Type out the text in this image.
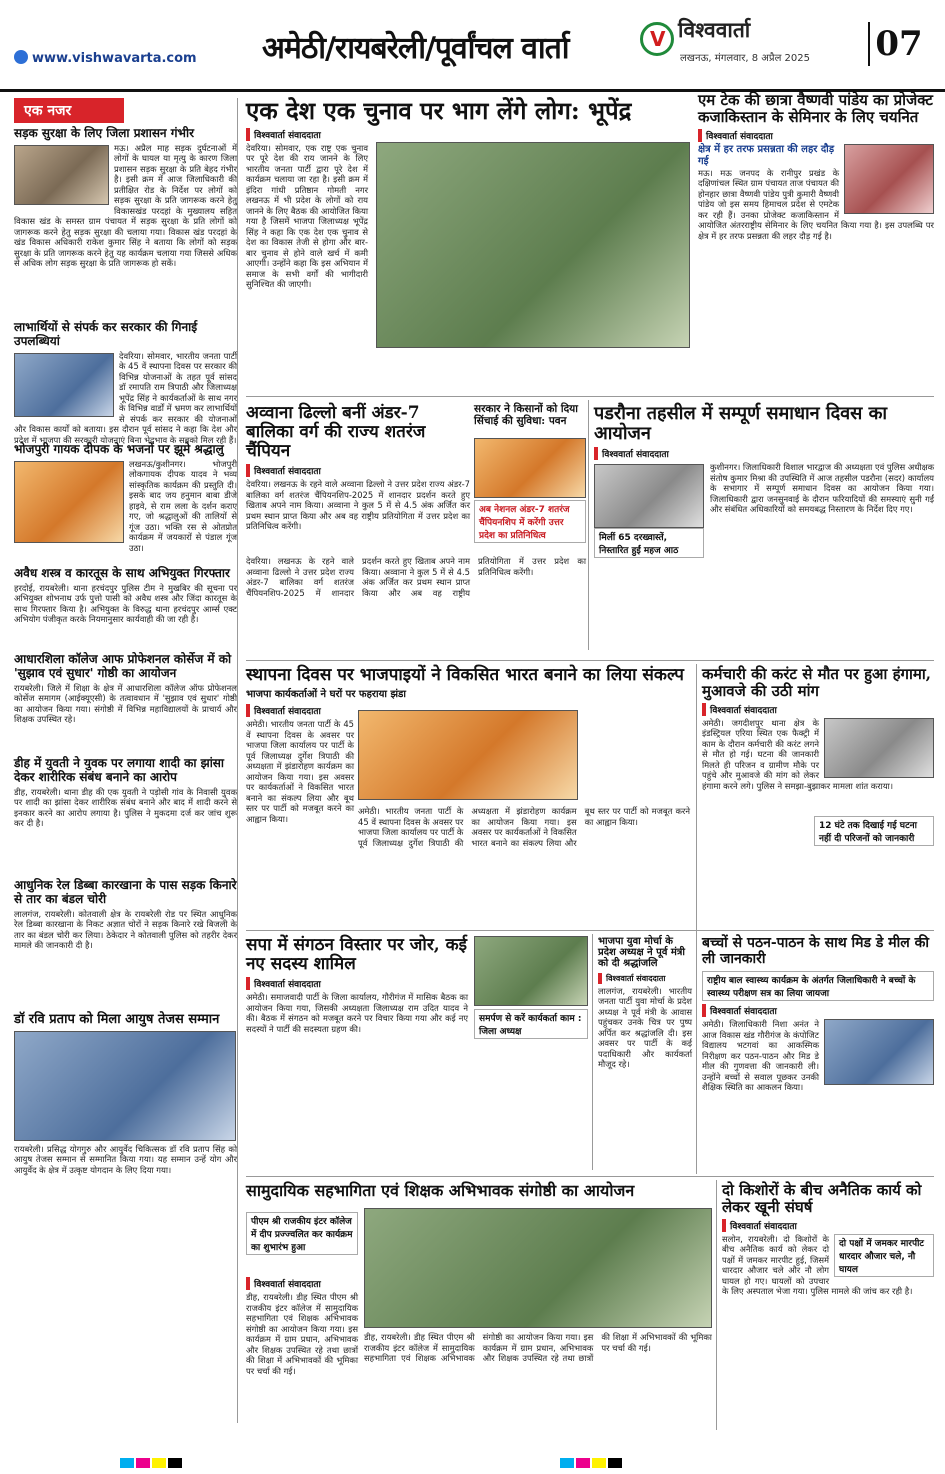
www.vishwavarta.com अमेठी/रायबरेली/पूर्वांचल वार्ता
V
विश्ववार्ता
लखनऊ, मंगलवार, 8 अप्रैल 2025 07
एक नजर
सड़क सुरक्षा के लिए जिला प्रशासन गंभीर
मऊ। अप्रैल माह सड़क दुर्घटनाओं में लोगों के घायल या मृत्यु के कारण जिला प्रशासन सड़क सुरक्षा के प्रति बेहद गंभीर है। इसी क्रम में आज जिलाधिकारी की प्रतीक्षित रोड के निर्देश पर लोगों को सड़क सुरक्षा के प्रति जागरूक करने हेतु विकासखंड परदहां के मुख्यालय सहित विकास खंड के समस्त ग्राम पंचायत में सड़क सुरक्षा के प्रति लोगों को जागरूक करने हेतु सड़क सुरक्षा की चलाया गया। विकास खंड परदहां के खंड विकास अधिकारी राकेश कुमार सिंह ने बताया कि लोगों को सड़क सुरक्षा के प्रति जागरूक करने हेतु यह कार्यक्रम चलाया गया जिससे अधिक से अधिक लोग सड़क सुरक्षा के प्रति जागरूक हो सकें।
लाभार्थियों से संपर्क कर सरकार की गिनाई उपलब्धियां
देवरिया। सोमवार, भारतीय जनता पार्टी के 45 वें स्थापना दिवस पर सरकार की विभिन्न योजनाओं के तहत पूर्व सांसद डॉ रमापति राम त्रिपाठी और जिलाध्यक्ष भूपेंद्र सिंह ने कार्यकर्ताओं के साथ नगर के विभिन्न वार्डों में भ्रमण कर लाभार्थियों से संपर्क कर सरकार की योजनाओं और विकास कार्यों को बताया। इस दौरान पूर्व सांसद ने कहा कि देश और प्रदेश में भाजपा की सरकारी योजनाएं बिना भेदभाव के सबको मिल रही हैं।
भोजपुरी गायक दीपक के भजनों पर झूमे श्रद्धालु
लखनऊ/कुशीनगर। भोजपुरी लोकगायक दीपक यादव ने भव्य सांस्कृतिक कार्यक्रम की प्रस्तुति दी। इसके बाद जय हनुमान बाबा डीजे हाइवे, से राम लला के दर्शन कराए गए, जो श्रद्धालुओं की तालियों से गूंज उठा। भक्ति रस से ओतप्रोत कार्यक्रम में जयकारों से पंडाल गूंज उठा।
अवैध शस्त्र व कारतूस के साथ अभियुक्त गिरफ्तार
हरदोई, रायबरेली। थाना हरचंदपुर पुलिस टीम ने मुखबिर की सूचना पर अभियुक्त शोभनाथ उर्फ पुत्तो पासी को अवैध शस्त्र और जिंदा कारतूस के साथ गिरफ्तार किया है। अभियुक्त के विरुद्ध थाना हरचंदपुर आर्म्स एक्ट अभियोग पंजीकृत करके नियमानुसार कार्यवाही की जा रही है।
आधारशिला कॉलेज आफ प्रोफेशनल कोर्सेज में को 'सुझाव एवं सुधार' गोष्ठी का आयोजन
रायबरेली। जिले में शिक्षा के क्षेत्र में आधारशिला कॉलेज ऑफ प्रोफेशनल कोर्सेज समागम (आईक्यूएसी) के तत्वावधान में 'सुझाव एवं सुधार' गोष्ठी का आयोजन किया गया। संगोष्ठी में विभिन्न महाविद्यालयों के प्राचार्य और शिक्षक उपस्थित रहे।
डीह में युवती ने युवक पर लगाया शादी का झांसा देकर शारीरिक संबंध बनाने का आरोप
डीह, रायबरेली। थाना डीह की एक युवती ने पड़ोसी गांव के निवासी युवक पर शादी का झांसा देकर शारीरिक संबंध बनाने और बाद में शादी करने से इनकार करने का आरोप लगाया है। पुलिस ने मुकदमा दर्ज कर जांच शुरू कर दी है।
आधुनिक रेल डिब्बा कारखाना के पास सड़क किनारे से तार का बंडल चोरी
लालगंज, रायबरेली। कोतवाली क्षेत्र के रायबरेली रोड पर स्थित आधुनिक रेल डिब्बा कारखाना के निकट अज्ञात चोरों ने सड़क किनारे रखे बिजली के तार का बंडल चोरी कर लिया। ठेकेदार ने कोतवाली पुलिस को तहरीर देकर मामले की जानकारी दी है।
डॉ रवि प्रताप को मिला आयुष तेजस सम्मान
रायबरेली। प्रसिद्ध योगगुरु और आयुर्वेद चिकित्सक डॉ रवि प्रताप सिंह को आयुष तेजस सम्मान से सम्मानित किया गया। यह सम्मान उन्हें योग और आयुर्वेद के क्षेत्र में उत्कृष्ट योगदान के लिए दिया गया।
एक देश एक चुनाव पर भाग लेंगे लोग: भूपेंद्र
विश्ववार्ता संवाददाता
देवरिया। सोमवार, एक राष्ट्र एक चुनाव पर पूरे देश की राय जानने के लिए भारतीय जनता पार्टी द्वारा पूरे देश में कार्यक्रम चलाया जा रहा है। इसी क्रम में इंदिरा गांधी प्रतिष्ठान गोमती नगर लखनऊ में भी प्रदेश के लोगों को राय जानने के लिए बैठक की आयोजित किया गया है जिसमें भाजपा जिलाध्यक्ष भूपेंद्र सिंह ने कहा कि एक देश एक चुनाव से देश का विकास तेजी से होगा और बार-बार चुनाव से होने वाले खर्च में कमी आएगी। उन्होंने कहा कि इस अभियान में समाज के सभी वर्गों की भागीदारी सुनिश्चित की जाएगी।
एम टेक की छात्रा वैष्णवी पांडेय का प्रोजेक्ट कजाकिस्तान के सेमिनार के लिए चयनित
विश्ववार्ता संवाददाता
क्षेत्र में हर तरफ प्रसन्नता की लहर दौड़ गई
मऊ। मऊ जनपद के रानीपुर प्रखंड के दक्षिणांचल स्थित ग्राम पंचायत ताज पंचायत की होनहार छात्रा वैष्णवी पांडेय पुत्री कुमारी वैष्णवी पांडेय जो इस समय हिमाचल प्रदेश से एमटेक कर रही हैं। उनका प्रोजेक्ट कजाकिस्तान में आयोजित अंतरराष्ट्रीय सेमिनार के लिए चयनित किया गया है। इस उपलब्धि पर क्षेत्र में हर तरफ प्रसन्नता की लहर दौड़ गई है।
अव्वाना ढिल्लो बनीं अंडर-7 बालिका वर्ग की राज्य शतरंज चैंपियन
विश्ववार्ता संवाददाता
देवरिया। लखनऊ के रहने वाले अव्वाना ढिल्लो ने उत्तर प्रदेश राज्य अंडर-7 बालिका वर्ग शतरंज चैंपियनशिप-2025 में शानदार प्रदर्शन करते हुए खिताब अपने नाम किया। अव्वाना ने कुल 5 में से 4.5 अंक अर्जित कर प्रथम स्थान प्राप्त किया और अब वह राष्ट्रीय प्रतियोगिता में उत्तर प्रदेश का प्रतिनिधित्व करेंगी।
अब नेशनल अंडर-7 शतरंज चैंपियनशिप में करेंगी उत्तर प्रदेश का प्रतिनिधित्व
देवरिया। लखनऊ के रहने वाले अव्वाना ढिल्लो ने उत्तर प्रदेश राज्य अंडर-7 बालिका वर्ग शतरंज चैंपियनशिप-2025 में शानदार प्रदर्शन करते हुए खिताब अपने नाम किया। अव्वाना ने कुल 5 में से 4.5 अंक अर्जित कर प्रथम स्थान प्राप्त किया और अब वह राष्ट्रीय प्रतियोगिता में उत्तर प्रदेश का प्रतिनिधित्व करेंगी।
सरकार ने किसानों को दिया सिंचाई की सुविधा: पवन	पडरौना तहसील में सम्पूर्ण समाधान दिवस का आयोजन
विश्ववार्ता संवाददाता
मिलीं 65 दरख्वास्तें, निस्तारित हुईं महज आठ
कुशीनगर। जिलाधिकारी विशाल भारद्वाज की अध्यक्षता एवं पुलिस अधीक्षक संतोष कुमार मिश्रा की उपस्थिति में आज तहसील पडरौना (सदर) कार्यालय के सभागार में सम्पूर्ण समाधान दिवस का आयोजन किया गया। जिलाधिकारी द्वारा जनसुनवाई के दौरान फरियादियों की समस्याएं सुनी गईं और संबंधित अधिकारियों को समयबद्ध निस्तारण के निर्देश दिए गए।
स्थापना दिवस पर भाजपाइयों ने विकसित भारत बनाने का लिया संकल्प
भाजपा कार्यकर्ताओं ने घरों पर फहराया झंडा
विश्ववार्ता संवाददाता
अमेठी। भारतीय जनता पार्टी के 45 वें स्थापना दिवस के अवसर पर भाजपा जिला कार्यालय पर पार्टी के पूर्व जिलाध्यक्ष दुर्गेश त्रिपाठी की अध्यक्षता में झंडारोहण कार्यक्रम का आयोजन किया गया। इस अवसर पर कार्यकर्ताओं ने विकसित भारत बनाने का संकल्प लिया और बूथ स्तर पर पार्टी को मजबूत करने का आह्वान किया।
अमेठी। भारतीय जनता पार्टी के 45 वें स्थापना दिवस के अवसर पर भाजपा जिला कार्यालय पर पार्टी के पूर्व जिलाध्यक्ष दुर्गेश त्रिपाठी की अध्यक्षता में झंडारोहण कार्यक्रम का आयोजन किया गया। इस अवसर पर कार्यकर्ताओं ने विकसित भारत बनाने का संकल्प लिया और बूथ स्तर पर पार्टी को मजबूत करने का आह्वान किया।
कर्मचारी की करंट से मौत पर हुआ हंगामा, मुआवजे की उठी मांग
विश्ववार्ता संवाददाता
अमेठी। जगदीशपुर थाना क्षेत्र के इंडस्ट्रियल एरिया स्थित एक फैक्ट्री में काम के दौरान कर्मचारी की करंट लगने से मौत हो गई। घटना की जानकारी मिलते ही परिजन व ग्रामीण मौके पर पहुंचे और मुआवजे की मांग को लेकर हंगामा करने लगे। पुलिस ने समझा-बुझाकर मामला शांत कराया।
12 घंटे तक दिखाई गई घटना नहीं दी परिजनों को जानकारी
सपा में संगठन विस्तार पर जोर, कई नए सदस्य शामिल
विश्ववार्ता संवाददाता
अमेठी। समाजवादी पार्टी के जिला कार्यालय, गौरीगंज में मासिक बैठक का आयोजन किया गया, जिसकी अध्यक्षता जिलाध्यक्ष राम उदित यादव ने की। बैठक में संगठन को मजबूत करने पर विचार किया गया और कई नए सदस्यों ने पार्टी की सदस्यता ग्रहण की।
समर्पण से करें कार्यकर्ता काम : जिला अध्यक्ष
भाजपा युवा मोर्चा के प्रदेश अध्यक्ष ने पूर्व मंत्री को दी श्रद्धांजलि
विश्ववार्ता संवाददाता
लालगंज, रायबरेली। भारतीय जनता पार्टी युवा मोर्चा के प्रदेश अध्यक्ष ने पूर्व मंत्री के आवास पहुंचकर उनके चित्र पर पुष्प अर्पित कर श्रद्धांजलि दी। इस अवसर पर पार्टी के कई पदाधिकारी और कार्यकर्ता मौजूद रहे।
बच्चों से पठन-पाठन के साथ मिड डे मील की ली जानकारी
राष्ट्रीय बाल स्वास्थ्य कार्यक्रम के अंतर्गत जिलाधिकारी ने बच्चों के स्वास्थ्य परीक्षण सत्र का लिया जायजा
विश्ववार्ता संवाददाता
अमेठी। जिलाधिकारी निशा अनंत ने आज विकास खंड गौरीगंज के कंपोजिट विद्यालय भटगवां का आकस्मिक निरीक्षण कर पठन-पाठन और मिड डे मील की गुणवत्ता की जानकारी ली। उन्होंने बच्चों से सवाल पूछकर उनकी शैक्षिक स्थिति का आकलन किया।
सामुदायिक सहभागिता एवं शिक्षक अभिभावक संगोष्ठी का आयोजन
पीएम श्री राजकीय इंटर कॉलेज में दीप प्रज्ज्वलित कर कार्यक्रम का शुभारंभ हुआ
विश्ववार्ता संवाददाता
डीह, रायबरेली। डीह स्थित पीएम श्री राजकीय इंटर कॉलेज में सामुदायिक सहभागिता एवं शिक्षक अभिभावक संगोष्ठी का आयोजन किया गया। इस कार्यक्रम में ग्राम प्रधान, अभिभावक और शिक्षक उपस्थित रहे तथा छात्रों की शिक्षा में अभिभावकों की भूमिका पर चर्चा की गई।
डीह, रायबरेली। डीह स्थित पीएम श्री राजकीय इंटर कॉलेज में सामुदायिक सहभागिता एवं शिक्षक अभिभावक संगोष्ठी का आयोजन किया गया। इस कार्यक्रम में ग्राम प्रधान, अभिभावक और शिक्षक उपस्थित रहे तथा छात्रों की शिक्षा में अभिभावकों की भूमिका पर चर्चा की गई।
दो किशोरों के बीच अनैतिक कार्य को लेकर खूनी संघर्ष
विश्ववार्ता संवाददाता
दो पक्षों में जमकर मारपीट धारदार औजार चले, नौ घायल
सलोन, रायबरेली। दो किशोरों के बीच अनैतिक कार्य को लेकर दो पक्षों में जमकर मारपीट हुई, जिसमें धारदार औजार चले और नौ लोग घायल हो गए। घायलों को उपचार के लिए अस्पताल भेजा गया। पुलिस मामले की जांच कर रही है।
